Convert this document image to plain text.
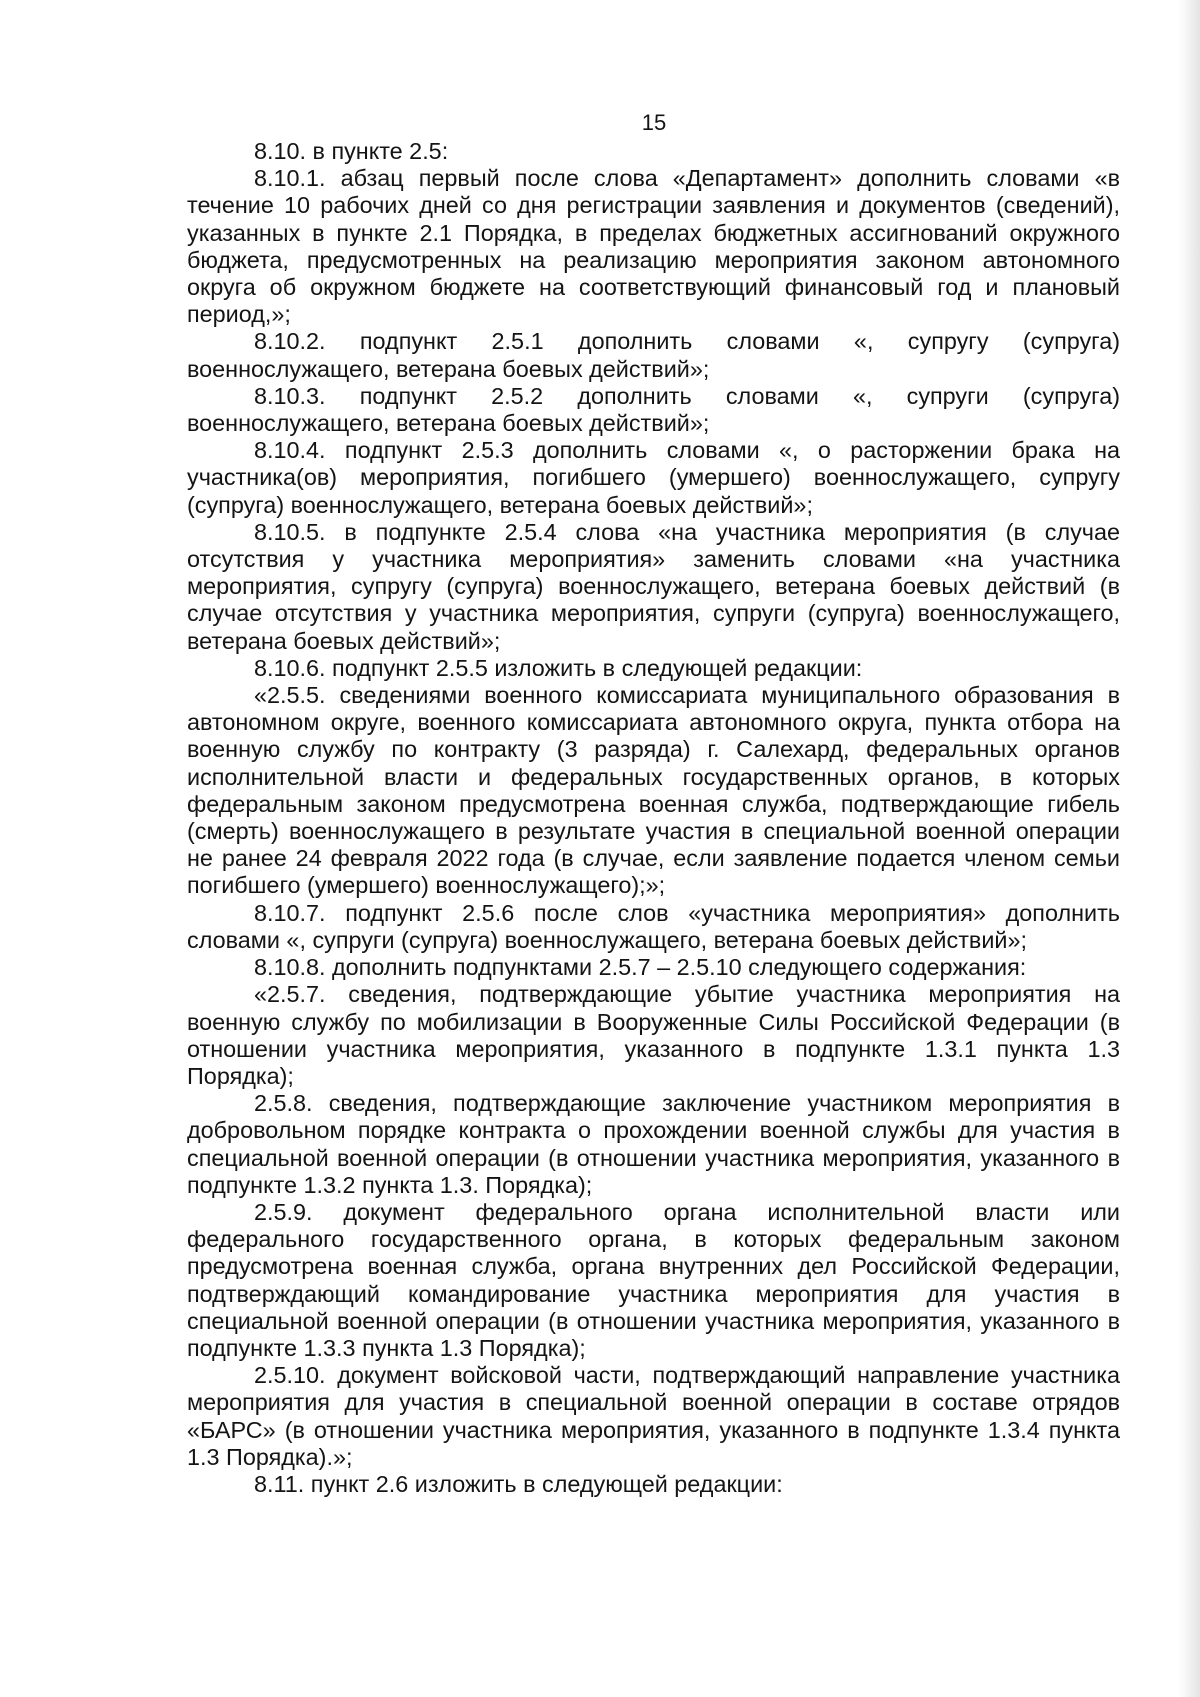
15

8.10. в пункте 2.5:

8.10.1. абзац первый после слова «Департамент» дополнить словами «в течение 10 рабочих дней со дня регистрации заявления и документов (сведений), указанных в пункте 2.1 Порядка, в пределах бюджетных ассигнований окружного бюджета, предусмотренных на реализацию мероприятия законом автономного округа об окружном бюджете на соответствующий финансовый год и плановый период,»;

8.10.2. подпункт 2.5.1 дополнить словами «, супругу (супруга) военнослужащего, ветерана боевых действий»;

8.10.3. подпункт 2.5.2 дополнить словами «, супруги (супруга) военнослужащего, ветерана боевых действий»;

8.10.4. подпункт 2.5.3 дополнить словами «, о расторжении брака на участника(ов) мероприятия, погибшего (умершего) военнослужащего, супругу (супруга) военнослужащего, ветерана боевых действий»;

8.10.5. в подпункте 2.5.4 слова «на участника мероприятия (в случае отсутствия у участника мероприятия» заменить словами «на участника мероприятия, супругу (супруга) военнослужащего, ветерана боевых действий (в случае отсутствия у участника мероприятия, супруги (супруга) военнослужащего, ветерана боевых действий»;

8.10.6. подпункт 2.5.5 изложить в следующей редакции:

«2.5.5. сведениями военного комиссариата муниципального образования в автономном округе, военного комиссариата автономного округа, пункта отбора на военную службу по контракту (3 разряда) г. Салехард, федеральных органов исполнительной власти и федеральных государственных органов, в которых федеральным законом предусмотрена военная служба, подтверждающие гибель (смерть) военнослужащего в результате участия в специальной военной операции не ранее 24 февраля 2022 года (в случае, если заявление подается членом семьи погибшего (умершего) военнослужащего);»;

8.10.7. подпункт 2.5.6 после слов «участника мероприятия» дополнить словами «, супруги (супруга) военнослужащего, ветерана боевых действий»;

8.10.8. дополнить подпунктами 2.5.7 – 2.5.10 следующего содержания:

«2.5.7. сведения, подтверждающие убытие участника мероприятия на военную службу по мобилизации в Вооруженные Силы Российской Федерации (в отношении участника мероприятия, указанного в подпункте 1.3.1 пункта 1.3 Порядка);

2.5.8. сведения, подтверждающие заключение участником мероприятия в добровольном порядке контракта о прохождении военной службы для участия в специальной военной операции (в отношении участника мероприятия, указанного в подпункте 1.3.2 пункта 1.3. Порядка);

2.5.9. документ федерального органа исполнительной власти или федерального государственного органа, в которых федеральным законом предусмотрена военная служба, органа внутренних дел Российской Федерации, подтверждающий командирование участника мероприятия для участия в специальной военной операции (в отношении участника мероприятия, указанного в подпункте 1.3.3 пункта 1.3 Порядка);

2.5.10. документ войсковой части, подтверждающий направление участника мероприятия для участия в специальной военной операции в составе отрядов «БАРС» (в отношении участника мероприятия, указанного в подпункте 1.3.4 пункта 1.3 Порядка).»;

8.11. пункт 2.6 изложить в следующей редакции:
